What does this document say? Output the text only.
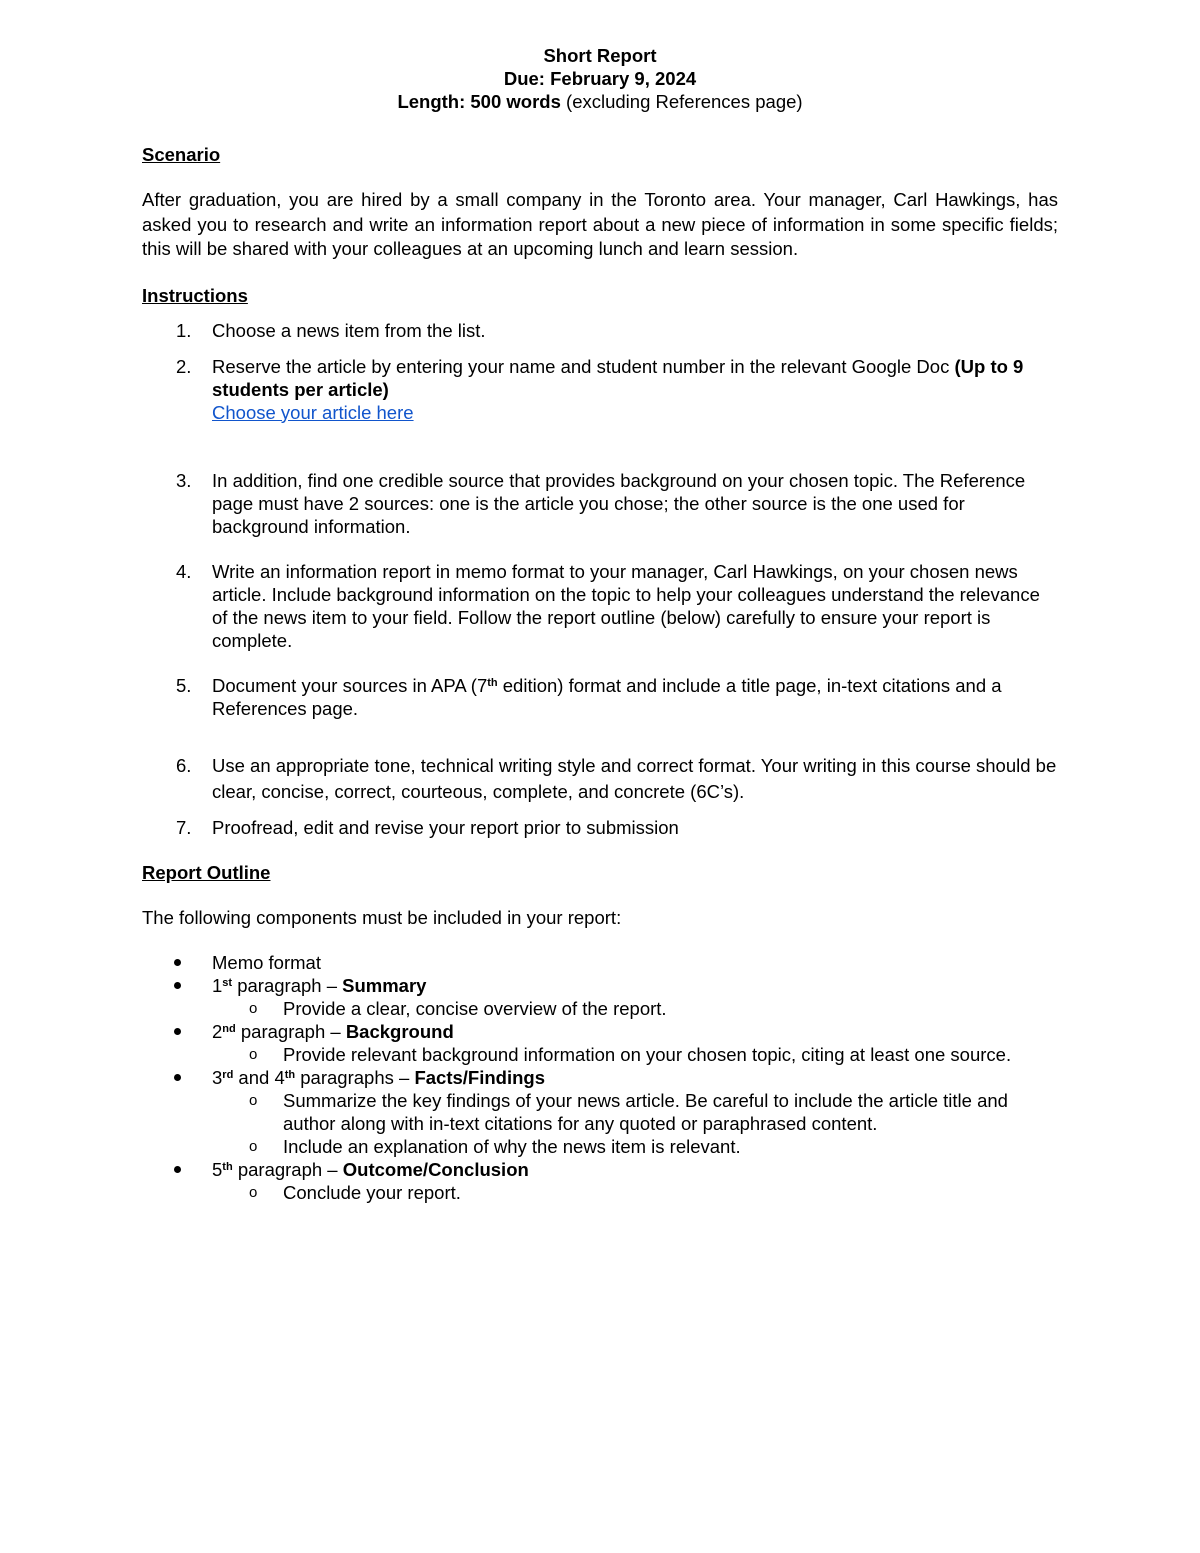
Short Report
Due: February 9, 2024
Length: 500 words (excluding References page)

Scenario

After graduation, you are hired by a small company in the Toronto area. Your manager, Carl Hawkings, has asked you to research and write an information report about a new piece of information in some specific fields; this will be shared with your colleagues at an upcoming lunch and learn session.

Instructions

1. Choose a news item from the list.
2. Reserve the article by entering your name and student number in the relevant Google Doc (Up to 9 students per article)
Choose your article here
3. In addition, find one credible source that provides background on your chosen topic. The Reference page must have 2 sources: one is the article you chose; the other source is the one used for background information.
4. Write an information report in memo format to your manager, Carl Hawkings, on your chosen news article. Include background information on the topic to help your colleagues understand the relevance of the news item to your field. Follow the report outline (below) carefully to ensure your report is complete.
5. Document your sources in APA (7th edition) format and include a title page, in-text citations and a References page.
6. Use an appropriate tone, technical writing style and correct format. Your writing in this course should be clear, concise, correct, courteous, complete, and concrete (6C’s).
7. Proofread, edit and revise your report prior to submission

Report Outline

The following components must be included in your report:

Memo format
1st paragraph – Summary
o Provide a clear, concise overview of the report.
2nd paragraph – Background
o Provide relevant background information on your chosen topic, citing at least one source.
3rd and 4th paragraphs – Facts/Findings
o Summarize the key findings of your news article. Be careful to include the article title and author along with in-text citations for any quoted or paraphrased content.
o Include an explanation of why the news item is relevant.
5th paragraph – Outcome/Conclusion
o Conclude your report.
